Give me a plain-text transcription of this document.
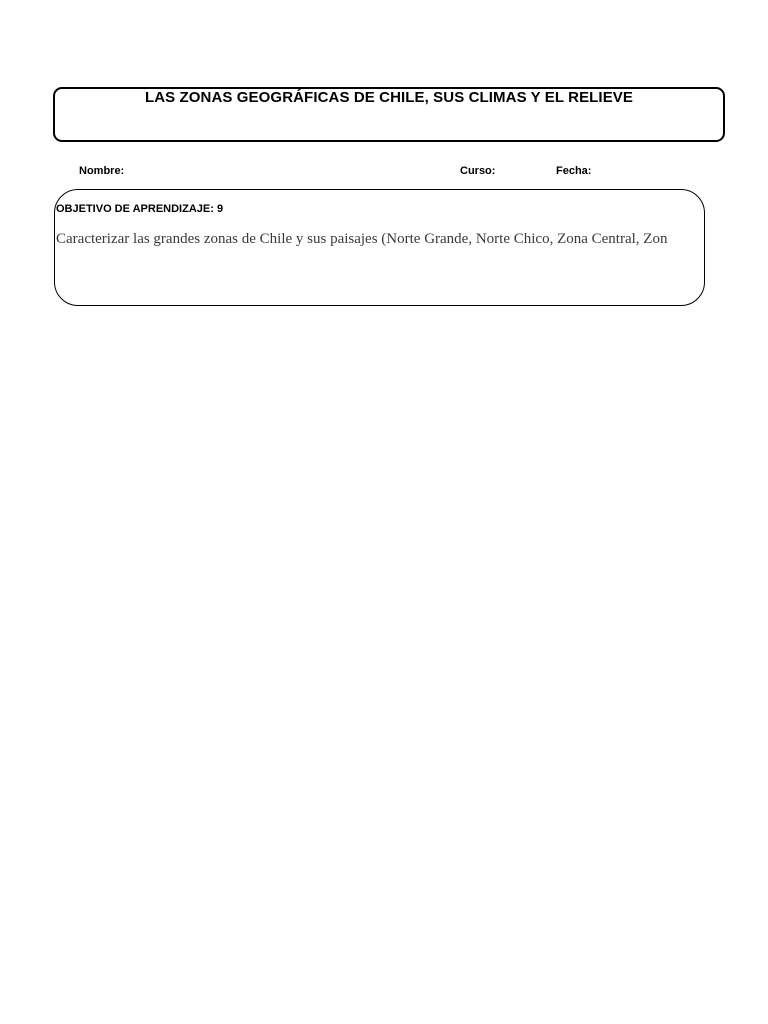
LAS ZONAS GEOGRÁFICAS DE CHILE, SUS CLIMAS Y EL RELIEVE
Nombre:	Curso:	Fecha:
OBJETIVO DE APRENDIZAJE: 9
Caracterizar las grandes zonas de Chile y sus paisajes (Norte Grande, Norte Chico, Zona Central, Zon
